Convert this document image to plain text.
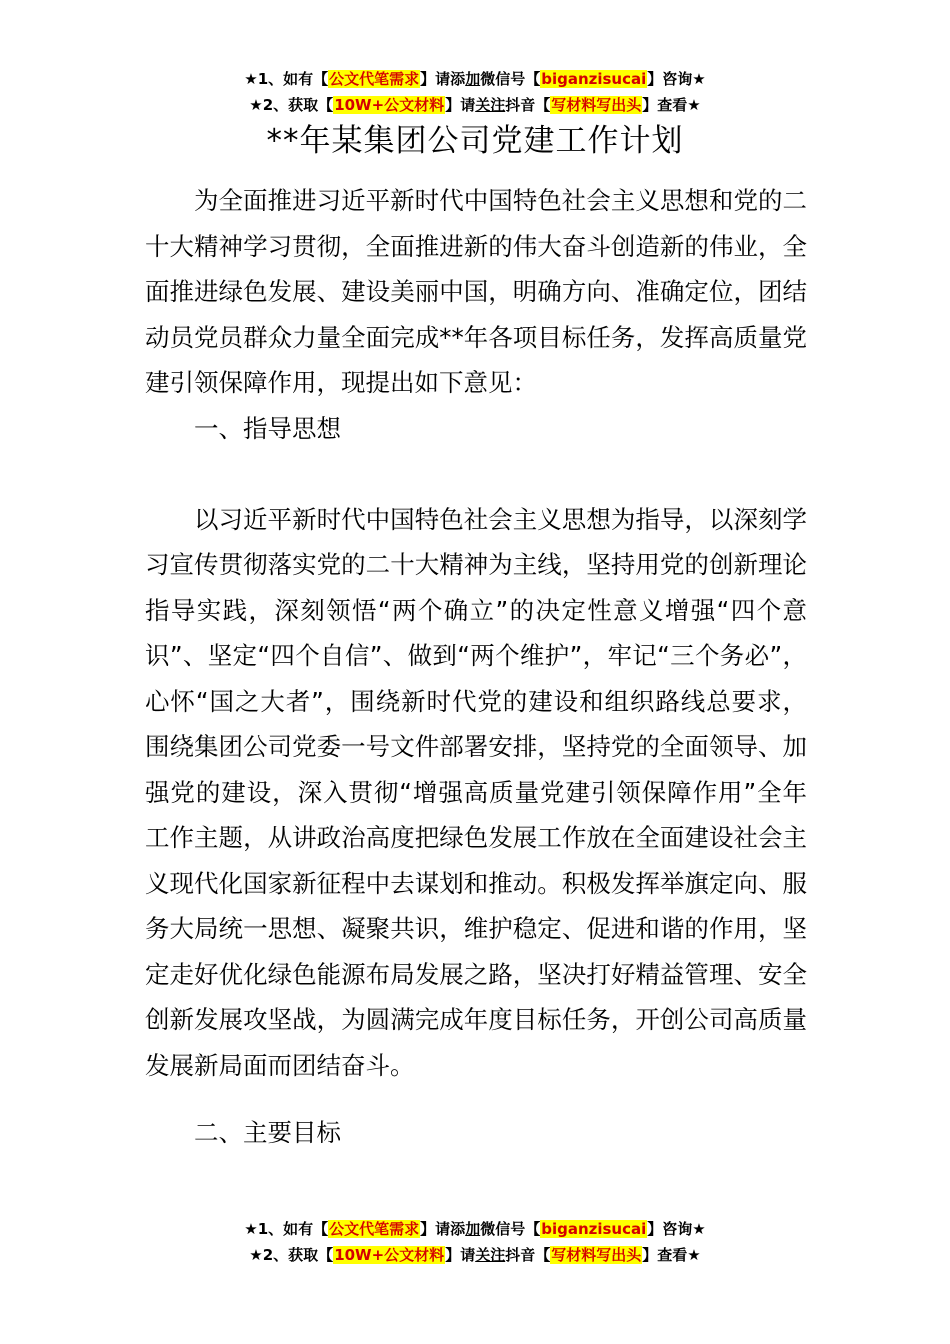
★1、如有【公文代笔需求】请添加微信号【biganzisucai】咨询★
★2、获取【10W+公文材料】请关注抖音【写材料写出头】查看★
**年某集团公司党建工作计划

为全面推进习近平新时代中国特色社会主义思想和党的二十大精神学习贯彻，全面推进新的伟大奋斗创造新的伟业，全面推进绿色发展、建设美丽中国，明确方向、准确定位，团结动员党员群众力量全面完成**年各项目标任务，发挥高质量党建引领保障作用，现提出如下意见：

一、指导思想

以习近平新时代中国特色社会主义思想为指导，以深刻学习宣传贯彻落实党的二十大精神为主线，坚持用党的创新理论指导实践，深刻领悟“两个确立”的决定性意义增强“四个意识”、坚定“四个自信”、做到“两个维护”，牢记“三个务必”，心怀“国之大者”，围绕新时代党的建设和组织路线总要求，围绕集团公司党委一号文件部署安排，坚持党的全面领导、加强党的建设，深入贯彻“增强高质量党建引领保障作用”全年工作主题，从讲政治高度把绿色发展工作放在全面建设社会主义现代化国家新征程中去谋划和推动。积极发挥举旗定向、服务大局统一思想、凝聚共识，维护稳定、促进和谐的作用，坚定走好优化绿色能源布局发展之路，坚决打好精益管理、安全创新发展攻坚战，为圆满完成年度目标任务，开创公司高质量发展新局面而团结奋斗。

二、主要目标

★1、如有【公文代笔需求】请添加微信号【biganzisucai】咨询★
★2、获取【10W+公文材料】请关注抖音【写材料写出头】查看★
